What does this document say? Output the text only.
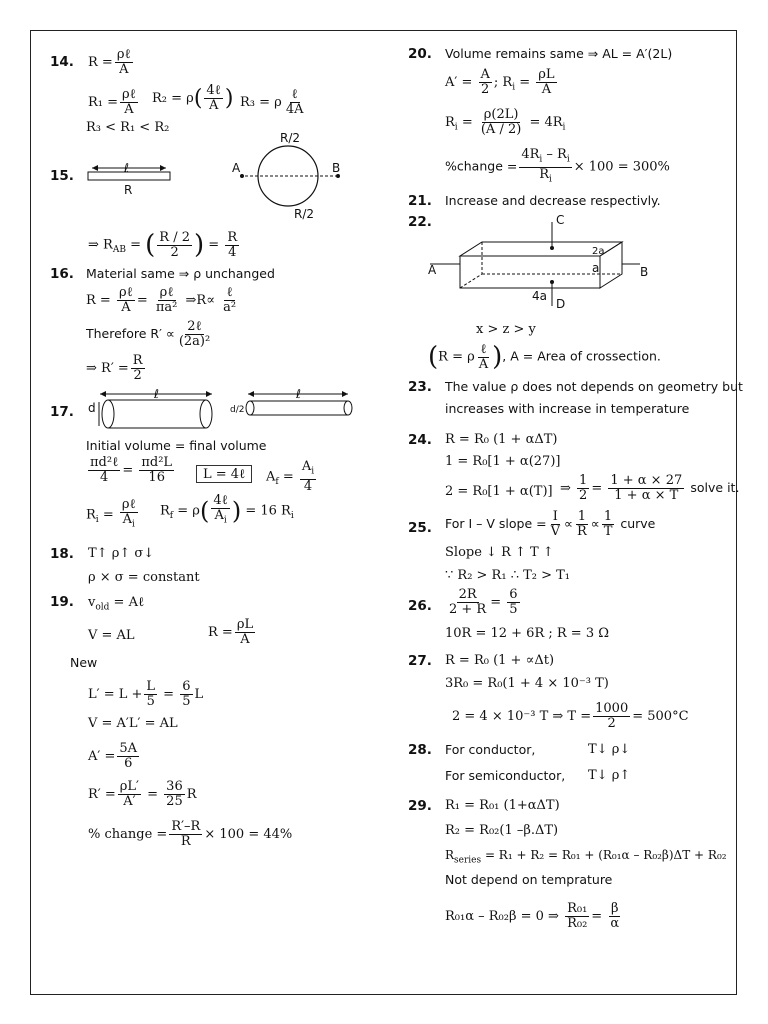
14. R =
ρℓ
A
R₁ =
ρℓ
A
R₂ = ρ( 4ℓ
A ) R₃ = ρ
ℓ
4A
R₃ < R₁ < R₂
15.	ℓ
R
A	B
R/2
R/2
⇒ $R_{AB}$ = ( $\frac{R / 2}{2}$ ) = $\frac{R}{4}$
16. Material same ⇒ ρ unchanged
R =
ρℓ
A =
ρℓ
πa² ⇒R∝
ℓ
a²
Therefore R′ ∝ 2ℓ
(2a)²
⇒ $R' = \frac{R}{2}$
17.
ℓ
d
ℓ
d/2
Initial volume = final volume
πd²ℓ
$4 = \frac{\text{πd²L}}{16}$	L = 4ℓ	$A_f = \frac{A_i}{4}$
$R_i$ =
ρℓ
$A_i$
$R_f = \rho$( 4ℓ
$A_i$ ) = 16 $R_i$
18. T↑ ρ↑ σ↓
ρ × σ = constant
19. $v_{old}$ = Aℓ
V = AL	$R = \frac{\rho L}{A}$
New
$L' = L + \frac{L}{5} = \frac{6}{5}$ L
V = A′L′ = AL
$A' = \frac{5A}{6}$
$R' = \frac{\rho L'}{A'} = \frac{36}{25}$ R
% change = $\frac{R'-R}{R} \times 100 = 44\%$
20. Volume remains same ⇒ AL = A′(2L)
$A' = \frac{A}{2}$ ; $R_i = \frac{\rho L}{A}$
$R_i = \frac{\rho(2L)}{(A / 2)} = 4R_i$
%change = $\frac{4R_i - R_i}{R_i} \times 100 = 300\%$
21. Increase and decrease respectivly.
22.	C
A	B
D
a
2a
4a
x > z > y
(R = ρ
ℓ
A ), A = Area of crossection.
23. The value ρ does not depends on geometry but
increases with increase in temperature
24. R = R₀ (1 + αΔT)
1 = R₀[1 + α(27)]
2 = R₀[1 + α(T)] ⇒ $\frac{1}{2} = \frac{1 + \alpha \times 27}{1 + \alpha \times T}$ solve it.
25. For I – V slope = $\frac{I}{V} \propto \frac{1}{R} \propto \frac{1}{T}$ curve
Slope ↓ R ↑ T ↑
∵ R₂ > R₁ ∴ T₂ > T₁
26. $\frac{2R}{2 + R} = \frac{6}{5}$
10R = 12 + 6R ; R = 3 Ω
27. R = R₀ (1 + ∝Δt)
3R₀ = R₀(1 + 4 × 10⁻³ T)
2 = 4 × 10⁻³ T ⇒ $T = \frac{1000}{2} = 500^\circ C$
28. For conductor,	T↓ ρ↓
For semiconductor, T↓ ρ↑
29. R₁ = R₀₁ (1+αΔT)
R₂ = R₀₂(1 –β.ΔT)
$R_{series} = R_1 + R_2 = R_{01} + (R_{01}\alpha - R_{02}\beta)\Delta T + R_{02}$
Not depend on temprature
R₀₁α – R₀₂β = 0 ⇒ $\frac{\text{R₀₁}}{\text{R₀₂}} = \frac{\beta}{\alpha}$
